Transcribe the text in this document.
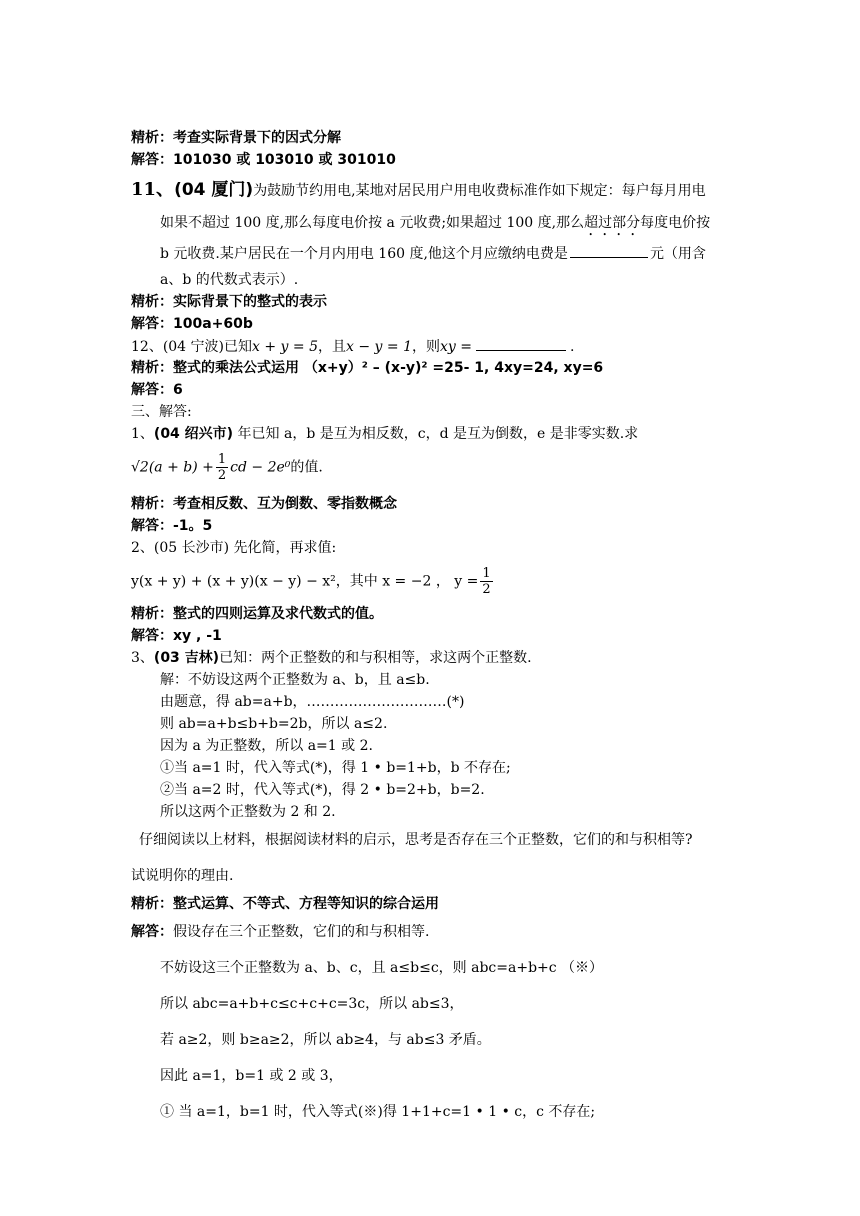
精析：考查实际背景下的因式分解
解答：101030 或 103010 或 301010
11、(04 厦门)为鼓励节约用电,某地对居民用户用电收费标准作如下规定：每户每月用电
如果不超过 100 度,那么每度电价按 a 元收费;如果超过 100 度,那么超过部分每度电价按
b 元收费.某户居民在一个月内用电 160 度,他这个月应缴纳电费是	元（用含
a、b 的代数式表示）.
精析：实际背景下的整式的表示
解答：100a+60b
12、(04 宁波)已知x + y = 5，且x − y = 1，则xy =	.
精析：整式的乘法公式运用 （x+y）² – (x-y)² =25- 1, 4xy=24, xy=6
解答：6
三、解答:
1、(04 绍兴市) 年已知 a，b 是互为相反数，c，d 是互为倒数，e 是非零实数.求
$√2(a + b) + \frac{1}{2}$ cd − 2e⁰的值.
精析：考查相反数、互为倒数、零指数概念
解答：-1。5
2、(05 长沙市) 先化简，再求值:
y(x + y) + (x + y)(x − y) − x²，其中 x = −2 ， $y = \frac{1}{2}$
精析：整式的四则运算及求代数式的值。
解答：xy , -1
3、(03 吉林)已知：两个正整数的和与积相等，求这两个正整数.
解：不妨设这两个正整数为 a、b，且 a≤b.
由题意，得 ab=a+b，…………………………(*)
则 ab=a+b≤b+b=2b，所以 a≤2.
因为 a 为正整数，所以 a=1 或 2.
①当 a=1 时，代入等式(*)，得 1 • b=1+b，b 不存在;
②当 a=2 时，代入等式(*)，得 2 • b=2+b，b=2.
所以这两个正整数为 2 和 2.
仔细阅读以上材料，根据阅读材料的启示，思考是否存在三个正整数，它们的和与积相等?
试说明你的理由.
精析：整式运算、不等式、方程等知识的综合运用
解答：假设存在三个正整数，它们的和与积相等.
不妨设这三个正整数为 a、b、c，且 a≤b≤c，则 abc=a+b+c （※）
所以 abc=a+b+c≤c+c+c=3c，所以 ab≤3，
若 a≥2，则 b≥a≥2，所以 ab≥4，与 ab≤3 矛盾。
因此 a=1，b=1 或 2 或 3，
① 当 a=1，b=1 时，代入等式(※)得 1+1+c=1 • 1 • c，c 不存在;
